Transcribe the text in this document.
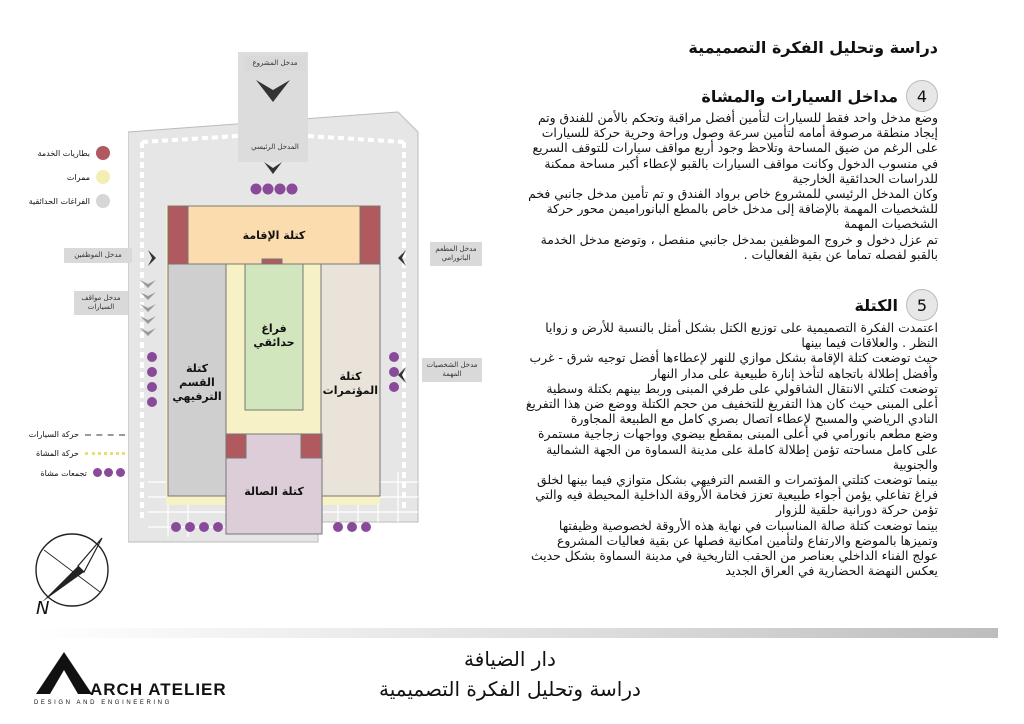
دراسة وتحليل الفكرة التصميمية
4
مداخل السيارات والمشاة

وضع مدخل واحد فقط للسيارات لتأمين أفضل مراقبة وتحكم بالأمن للفندق وتم إيجاد منطقة مرصوفة أمامه لتأمين سرعة وصول وراحة وحرية حركة للسيارات على الرغم من ضيق المساحة وتلاحظ وجود أربع مواقف سيارات للتوقف السريع في منسوب الدخول وكانت مواقف السيارات بالقبو لإعطاء أكبر مساحة ممكنة للدراسات الحدائقية الخارجية

وكان المدخل الرئيسي للمشروع خاص برواد الفندق و تم تأمين مدخل جانبي فخم للشخصيات المهمة بالإضافة إلى مدخل خاص بالمطع البانوراميمن محور حركة الشخصيات المهمة

تم عزل دخول و خروج الموظفين بمدخل جانبي منفصل ، وتوضع مدخل الخدمة بالقبو لفصله تماما عن بقية الفعاليات .

5
الكتلة

اعتمدت الفكرة التصميمية على توزيع الكتل بشكل أمثل بالنسبة للأرض و زوايا النظر . والعلاقات فيما بينها

حيث توضعت كتلة الإقامة بشكل موازي للنهر لإعطاءها أفضل توجيه شرق - غرب وأفضل إطلالة باتجاهه لتأخذ إنارة طبيعية على مدار النهار

توضعت كتلتي الانتقال الشاقولي على طرفي المبنى وربط بينهم بكتلة وسطية أعلى المبنى حيث كان هذا التفريغ للتخفيف من حجم الكتلة ووضع ضن هذا التفريغ النادي الرياضي والمسبح لإعطاء اتصال بصري كامل مع الطبيعة المجاورة

وضع مطعم بانورامي في أعلى المبنى بمقطع بيضوي وواجهات زجاجية مستمرة على كامل مساحته تؤمن إطلالة كاملة على مدينة السماوة من الجهة الشمالية والجنوبية

بينما توضعت كتلتي المؤتمرات و القسم الترفيهي بشكل متوازي فيما بينها لخلق فراغ تفاعلي يؤمن أجواء طبيعية تعزز فخامة الأروقة الداخلية المحيطة فيه والتي تؤمن حركة دورانية حلقية للزوار

بينما توضعت كتلة صالة المناسبات في نهاية هذه الأروقة لخصوصية وظيفتها وتميزها بالموضع والارتفاع ولتأمين امكانية فصلها عن بقية فعاليات المشروع

عولج الفناء الداخلي بعناصر من الحقب التاريخية في مدينة السماوة بشكل حديث يعكس النهضة الحضارية في العراق الجديد

بطاريات الخدمة
ممرات
الفراغات الحدائقية
حركة السيارات
حركة المشاة

تجمعات مشاة
مدخل المشروع
المدخل الرئيسي
كتلة الإقامة
فراغ حدائقي
كتلة القسم الترفيهي
كتلة المؤتمرات
كتلة الصالة
مدخل الموظفين
مدخل مواقف السيارات
مدخل المطعم البانورامي
مدخل الشخصيات المهمة
N
ARCH ATELIER
DESIGN AND ENGINEERING
دار الضيافة
دراسة وتحليل الفكرة التصميمية
